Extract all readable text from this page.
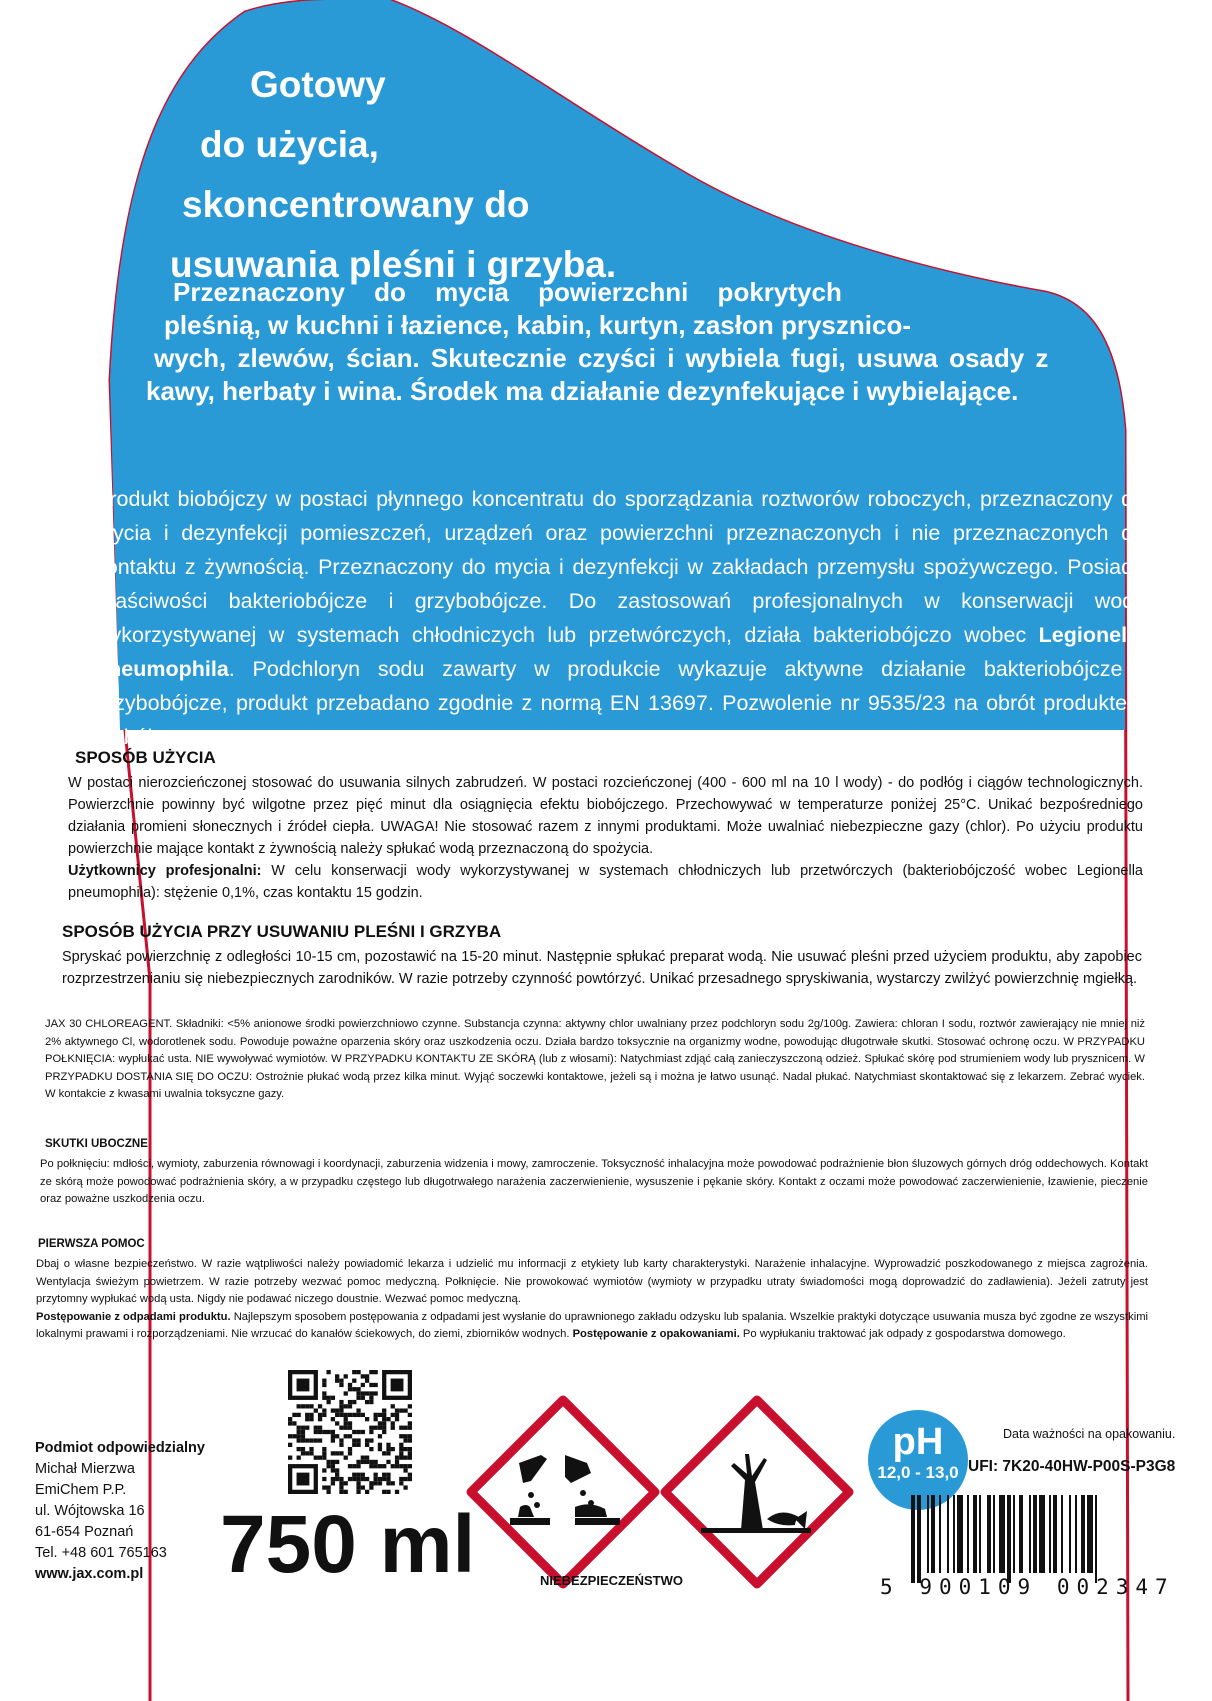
Gotowy
do użycia,
skoncentrowany do
usuwania pleśni i grzyba.
Przeznaczony do mycia powierzchni pokrytych
pleśnią, w kuchni i łazience, kabin, kurtyn, zasłon prysznico-
wych, zlewów, ścian. Skutecznie czyści i wybiela fugi, usuwa osady z
kawy, herbaty i wina. Środek ma działanie dezynfekujące i wybielające.

Produkt biobójczy w postaci płynnego koncentratu do sporządzania roztworów roboczych, przeznaczony do mycia i dezynfekcji pomieszczeń, urządzeń oraz powierzchni przeznaczonych i nie przeznaczonych do kontaktu z żywnością. Przeznaczony do mycia i dezynfekcji w zakładach przemysłu spożywczego. Posiada właściwości bakteriobójcze i grzybobójcze. Do zastosowań profesjonalnych w konserwacji wody wykorzystywanej w systemach chłodniczych lub przetwórczych, działa bakteriobójczo wobec Legionella pneumophila. Podchloryn sodu zawarty w produkcie wykazuje aktywne działanie bakteriobójcze i grzybobójcze, produkt przebadano zgodnie z normą EN 13697. Pozwolenie nr 9535/23 na obrót produktem biobójczym.

SPOSÓB UŻYCIA

W postaci nierozcieńczonej stosować do usuwania silnych zabrudzeń. W postaci rozcieńczonej (400 - 600 ml na 10 l wody) - do podłóg i ciągów technologicznych. Powierzchnie powinny być wilgotne przez pięć minut dla osiągnięcia efektu biobójczego. Przechowywać w temperaturze poniżej 25°C. Unikać bezpośredniego działania promieni słonecznych i źródeł ciepła. UWAGA! Nie stosować razem z innymi produktami. Może uwalniać niebezpieczne gazy (chlor). Po użyciu produktu powierzchnie mające kontakt z żywnością należy spłukać wodą przeznaczoną do spożycia.
Użytkownicy profesjonalni: W celu konserwacji wody wykorzystywanej w systemach chłodniczych lub przetwórczych (bakteriobójczość wobec Legionella pneumophila): stężenie 0,1%, czas kontaktu 15 godzin.

SPOSÓB UŻYCIA PRZY USUWANIU PLEŚNI I GRZYBA

Spryskać powierzchnię z odległości 10-15 cm, pozostawić na 15-20 minut. Następnie spłukać preparat wodą. Nie usuwać pleśni przed użyciem produktu, aby zapobiec rozprzestrzenianiu się niebezpiecznych zarodników. W razie potrzeby czynność powtórzyć. Unikać przesadnego spryskiwania, wystarczy zwilżyć powierzchnię mgiełką.

JAX 30 CHLOREAGENT. Składniki: <5% anionowe środki powierzchniowo czynne. Substancja czynna: aktywny chlor uwalniany przez podchloryn sodu 2g/100g. Zawiera: chloran I sodu, roztwór zawierający nie mniej niż 2% aktywnego Cl, wodorotlenek sodu. Powoduje poważne oparzenia skóry oraz uszkodzenia oczu. Działa bardzo toksycznie na organizmy wodne, powodując długotrwałe skutki. Stosować ochronę oczu. W PRZYPADKU POŁKNIĘCIA: wypłukać usta. NIE wywoływać wymiotów. W PRZYPADKU KONTAKTU ZE SKÓRĄ (lub z włosami): Natychmiast zdjąć całą zanieczyszczoną odzież. Spłukać skórę pod strumieniem wody lub prysznicem. W PRZYPADKU DOSTANIA SIĘ DO OCZU: Ostrożnie płukać wodą przez kilka minut. Wyjąć soczewki kontaktowe, jeżeli są i można je łatwo usunąć. Nadal płukać. Natychmiast skontaktować się z lekarzem. Zebrać wyciek. W kontakcie z kwasami uwalnia toksyczne gazy.

SKUTKI UBOCZNE

Po połknięciu: mdłości, wymioty, zaburzenia równowagi i koordynacji, zaburzenia widzenia i mowy, zamroczenie. Toksyczność inhalacyjna może powodować podrażnienie błon śluzowych górnych dróg oddechowych. Kontakt ze skórą może powodować podrażnienia skóry, a w przypadku częstego lub długotrwałego narażenia zaczerwienienie, wysuszenie i pękanie skóry. Kontakt z oczami może powodować zaczerwienienie, łzawienie, pieczenie oraz poważne uszkodzenia oczu.

PIERWSZA POMOC

Dbaj o własne bezpieczeństwo. W razie wątpliwości należy powiadomić lekarza i udzielić mu informacji z etykiety lub karty charakterystyki. Narażenie inhalacyjne. Wyprowadzić poszkodowanego z miejsca zagrożenia. Wentylacja świeżym powietrzem. W razie potrzeby wezwać pomoc medyczną. Połknięcie. Nie prowokować wymiotów (wymioty w przypadku utraty świadomości mogą doprowadzić do zadławienia). Jeżeli zatruty jest przytomny wypłukać wodą usta. Nigdy nie podawać niczego doustnie. Wezwać pomoc medyczną.
Postępowanie z odpadami produktu. Najlepszym sposobem postępowania z odpadami jest wysłanie do uprawnionego zakładu odzysku lub spalania. Wszelkie praktyki dotyczące usuwania musza być zgodne ze wszystkimi lokalnymi prawami i rozporządzeniami. Nie wrzucać do kanałów ściekowych, do ziemi, zbiorników wodnych. Postępowanie z opakowaniami. Po wypłukaniu traktować jak odpady z gospodarstwa domowego.

Podmiot odpowiedzialny
Michał Mierzwa
EmiChem P.P.
ul. Wójtowska 16
61-654 Poznań
Tel. +48 601 765163
www.jax.com.pl 750 ml	NIEBEZPIECZEŃSTWO
pH
12,0 - 13,0
Data ważności na opakowaniu.
UFI: 7K20-40HW-P00S-P3G8
5 900109 002347
